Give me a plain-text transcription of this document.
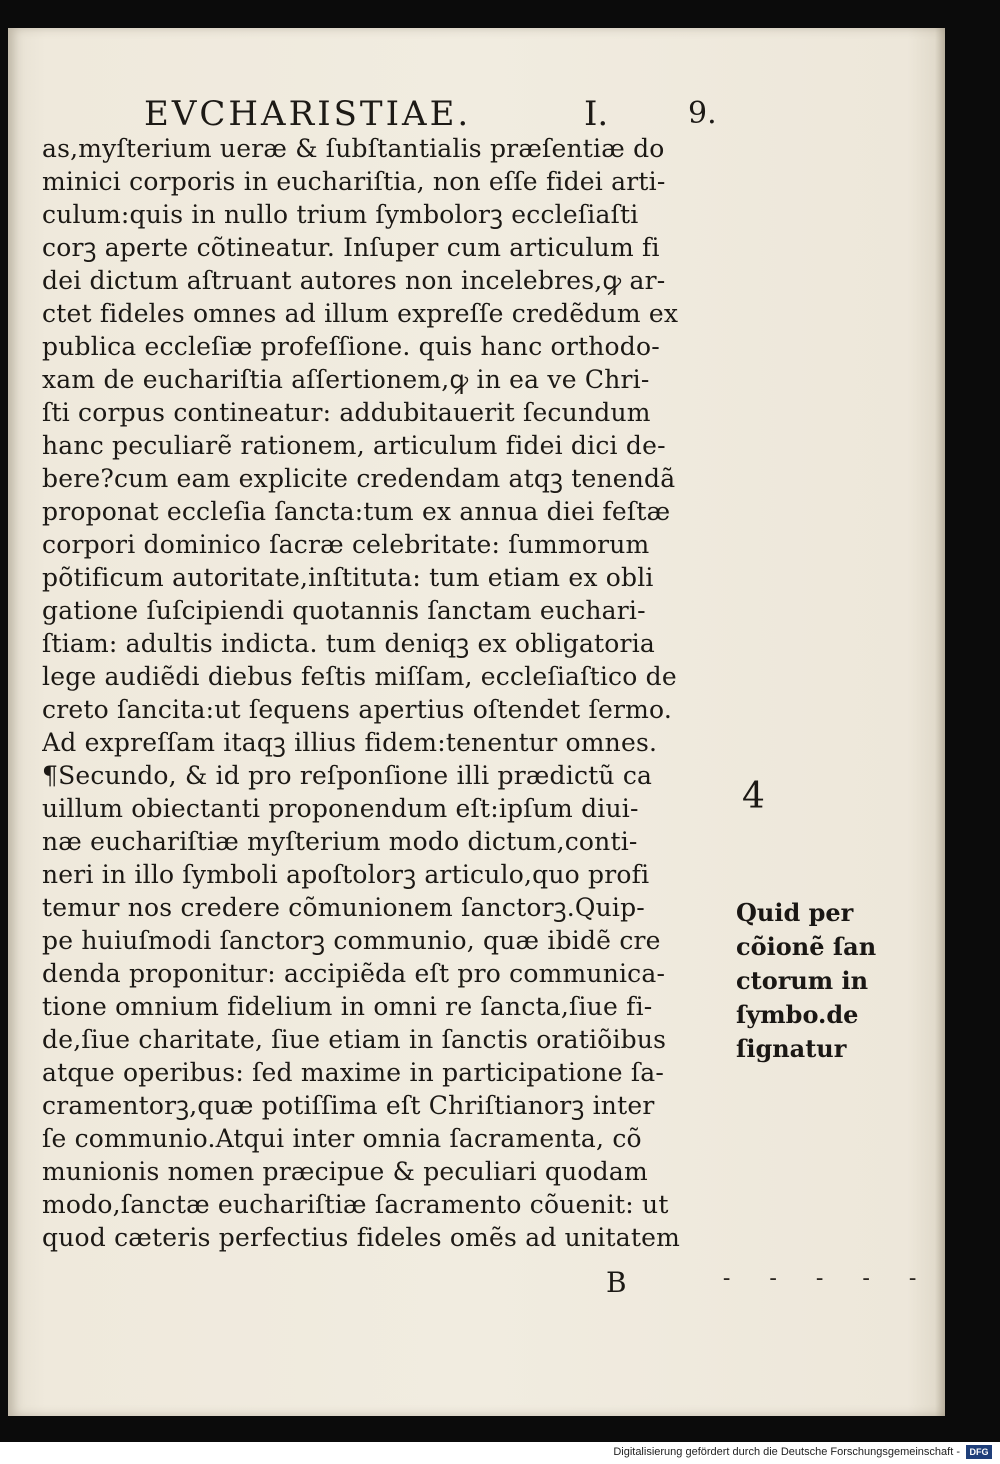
EVCHARISTIAE.	I.	9.
as,myſterium ueræ & ſubſtantialis præſentiæ do
minici corporis in euchariſtia, non eſſe fidei arti-
culum:quis in nullo trium ſymbolorꝫ eccleſiaſti
corꝫ aperte cõtineatur. Inſuper cum articulum fi
dei dictum aſtruant autores non incelebres,ꝙ ar-
ctet fideles omnes ad illum expreſſe credẽdum ex
publica eccleſiæ profeſſione. quis hanc orthodo-
xam de euchariſtia aſſertionem,ꝙ in ea ve Chri-
ſti corpus contineatur: addubitauerit ſecundum
hanc peculiarẽ rationem, articulum fidei dici de-
bere?cum eam explicite credendam atqꝫ tenendã
proponat eccleſia ſancta:tum ex annua diei feſtæ
corpori dominico ſacræ celebritate: ſummorum
põtificum autoritate,inſtituta: tum etiam ex obli
gatione ſuſcipiendi quotannis ſanctam euchari-
ſtiam: adultis indicta. tum deniqꝫ ex obligatoria
lege audiẽdi diebus feſtis miſſam, eccleſiaſtico de
creto ſancita:ut ſequens apertius oſtendet ſermo.
Ad expreſſam itaqꝫ illius fidem:tenentur omnes.
¶Secundo, & id pro reſponſione illi prædictũ ca
uillum obiectanti proponendum eſt:ipſum diui-
næ euchariſtiæ myſterium modo dictum,conti-
neri in illo ſymboli apoſtolorꝫ articulo,quo profi
temur nos credere cõmunionem ſanctorꝫ.Quip-
pe huiuſmodi ſanctorꝫ communio, quæ ibidẽ cre
denda proponitur: accipiẽda eſt pro communica-
tione omnium fidelium in omni re ſancta,ſiue fi-
de,ſiue charitate, ſiue etiam in ſanctis oratiõibus
atque operibus: ſed maxime in participatione ſa-
cramentorꝫ,quæ potiſſima eſt Chriſtianorꝫ inter
ſe communio.Atqui inter omnia ſacramenta, cõ
munionis nomen præcipue & peculiari quodam
modo,ſanctæ euchariſtiæ ſacramento cõuenit: ut
quod cæteris perfectius fideles omẽs ad unitatem
4
Quid per
cõionẽ ſan
ctorum in
ſymbo.de
ſignatur
B	- - - - -
Digitalisierung gefördert durch die Deutsche Forschungsgemeinschaft -	DFG
